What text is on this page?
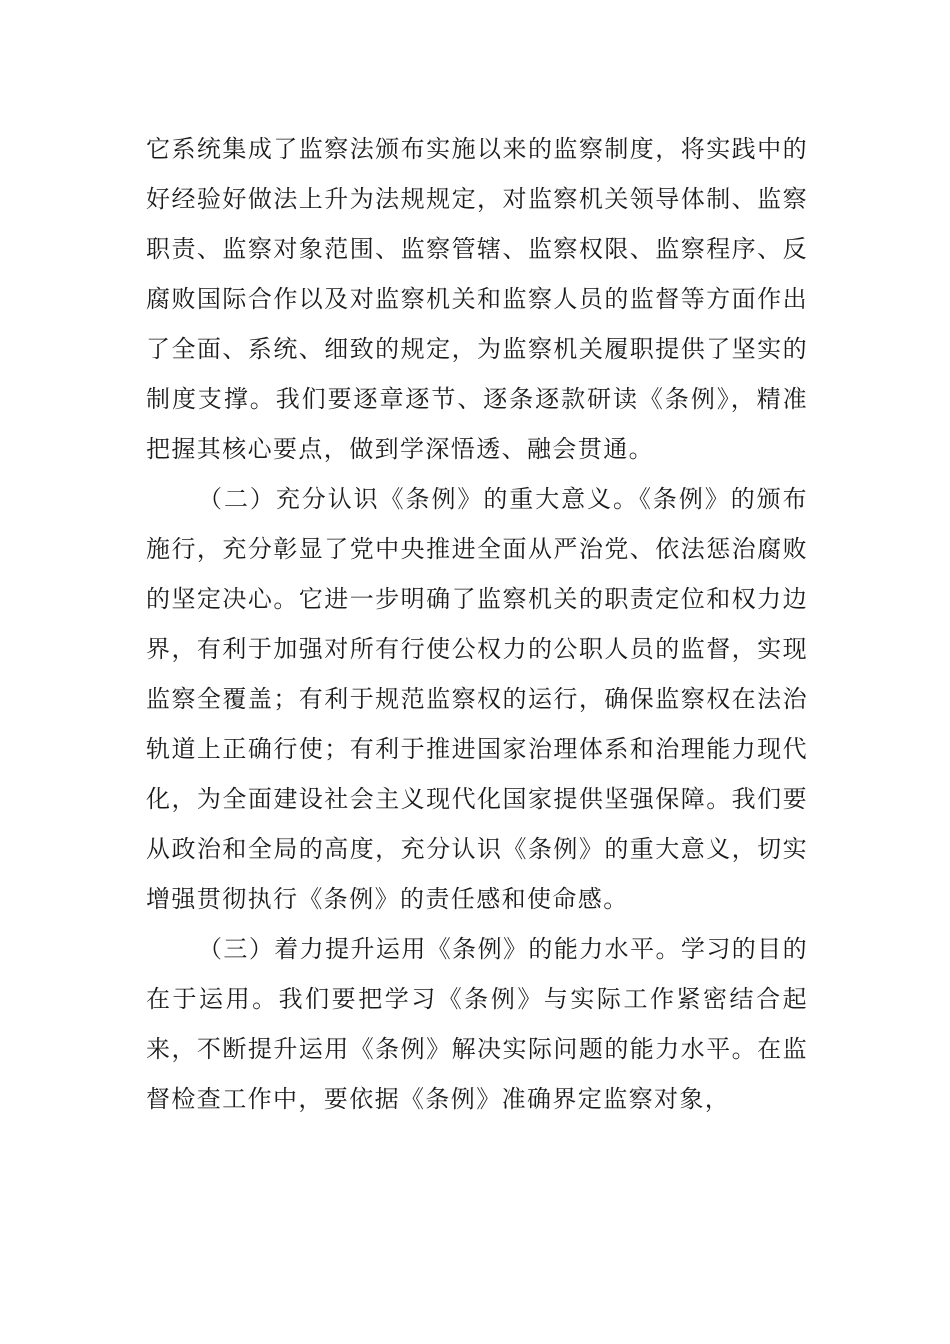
它系统集成了监察法颁布实施以来的监察制度，将实践中的好经验好做法上升为法规规定，对监察机关领导体制、监察职责、监察对象范围、监察管辖、监察权限、监察程序、反腐败国际合作以及对监察机关和监察人员的监督等方面作出了全面、系统、细致的规定，为监察机关履职提供了坚实的制度支撑。我们要逐章逐节、逐条逐款研读《条例》，精准把握其核心要点，做到学深悟透、融会贯通。

（二）充分认识《条例》的重大意义。《条例》的颁布施行，充分彰显了党中央推进全面从严治党、依法惩治腐败的坚定决心。它进一步明确了监察机关的职责定位和权力边界，有利于加强对所有行使公权力的公职人员的监督，实现监察全覆盖；有利于规范监察权的运行，确保监察权在法治轨道上正确行使；有利于推进国家治理体系和治理能力现代化，为全面建设社会主义现代化国家提供坚强保障。我们要从政治和全局的高度，充分认识《条例》的重大意义，切实增强贯彻执行《条例》的责任感和使命感。

（三）着力提升运用《条例》的能力水平。学习的目的在于运用。我们要把学习《条例》与实际工作紧密结合起来，不断提升运用《条例》解决实际问题的能力水平。在监督检查工作中，要依据《条例》准确界定监察对象，
